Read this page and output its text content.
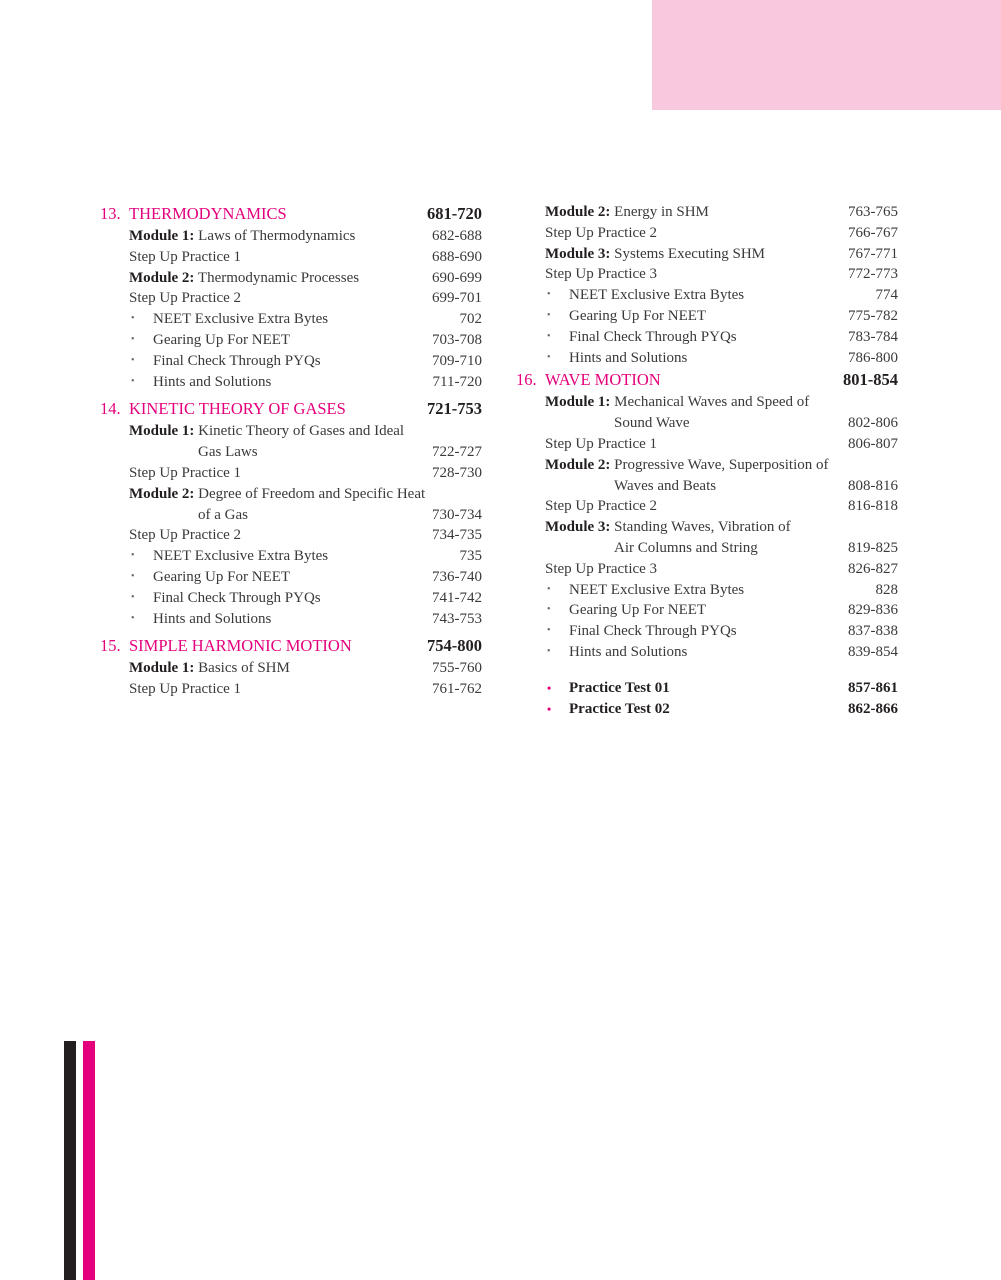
13. THERMODYNAMICS	681-720
Module 1: Laws of Thermodynamics	682-688
Step Up Practice 1	688-690
Module 2: Thermodynamic Processes	690-699
Step Up Practice 2	699-701
• NEET Exclusive Extra Bytes	702
• Gearing Up For NEET	703-708
• Final Check Through PYQs	709-710
• Hints and Solutions	711-720
14. KINETIC THEORY OF GASES	721-753
Module 1: Kinetic Theory of Gases and Ideal
Gas Laws	722-727
Step Up Practice 1	728-730
Module 2: Degree of Freedom and Specific Heat
of a Gas	730-734
Step Up Practice 2	734-735
• NEET Exclusive Extra Bytes	735
• Gearing Up For NEET	736-740
• Final Check Through PYQs	741-742
• Hints and Solutions	743-753
15. SIMPLE HARMONIC MOTION	754-800
Module 1: Basics of SHM	755-760
Step Up Practice 1	761-762
Module 2: Energy in SHM	763-765
Step Up Practice 2	766-767
Module 3: Systems Executing SHM	767-771
Step Up Practice 3	772-773
• NEET Exclusive Extra Bytes	774
• Gearing Up For NEET	775-782
• Final Check Through PYQs	783-784
• Hints and Solutions	786-800
16. WAVE MOTION	801-854
Module 1: Mechanical Waves and Speed of
Sound Wave	802-806
Step Up Practice 1	806-807
Module 2: Progressive Wave, Superposition of
Waves and Beats	808-816
Step Up Practice 2	816-818
Module 3: Standing Waves, Vibration of
Air Columns and String	819-825
Step Up Practice 3	826-827
• NEET Exclusive Extra Bytes	828
• Gearing Up For NEET	829-836
• Final Check Through PYQs	837-838
• Hints and Solutions	839-854
• Practice Test 01	857-861
• Practice Test 02	862-866
